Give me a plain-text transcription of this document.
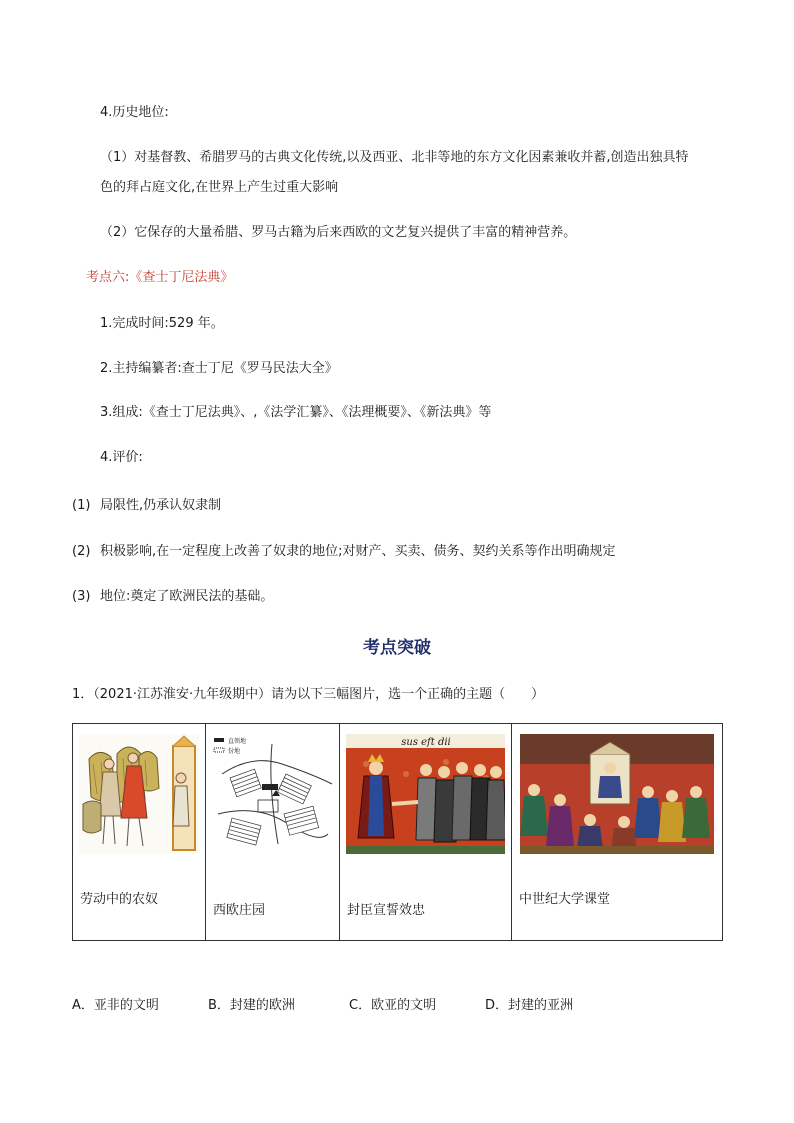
4.历史地位:
（1）对基督教、希腊罗马的古典文化传统,以及西亚、北非等地的东方文化因素兼收并蓄,创造出独具特
色的拜占庭文化,在世界上产生过重大影响
（2）它保存的大量希腊、罗马古籍为后来西欧的文艺复兴提供了丰富的精神营养。
考点六:《查士丁尼法典》
1.完成时间:529 年。
2.主持编纂者:查士丁尼《罗马民法大全》
3.组成:《查士丁尼法典》、,《法学汇纂》、《法理概要》、《新法典》等
4.评价:
(1) 局限性,仍承认奴隶制
(2) 积极影响,在一定程度上改善了奴隶的地位;对财产、买卖、债务、契约关系等作出明确规定
(3) 地位:奠定了欧洲民法的基础。
考点突破
1．（2021·江苏淮安·九年级期中）请为以下三幅图片，选一个正确的主题（　　）
劳动中的农奴

直领地
份地
西欧庄园

sus eft dii
封臣宣誓效忠

中世纪大学课堂
A．亚非的文明	B．封建的欧洲	C．欧亚的文明	D．封建的亚洲
